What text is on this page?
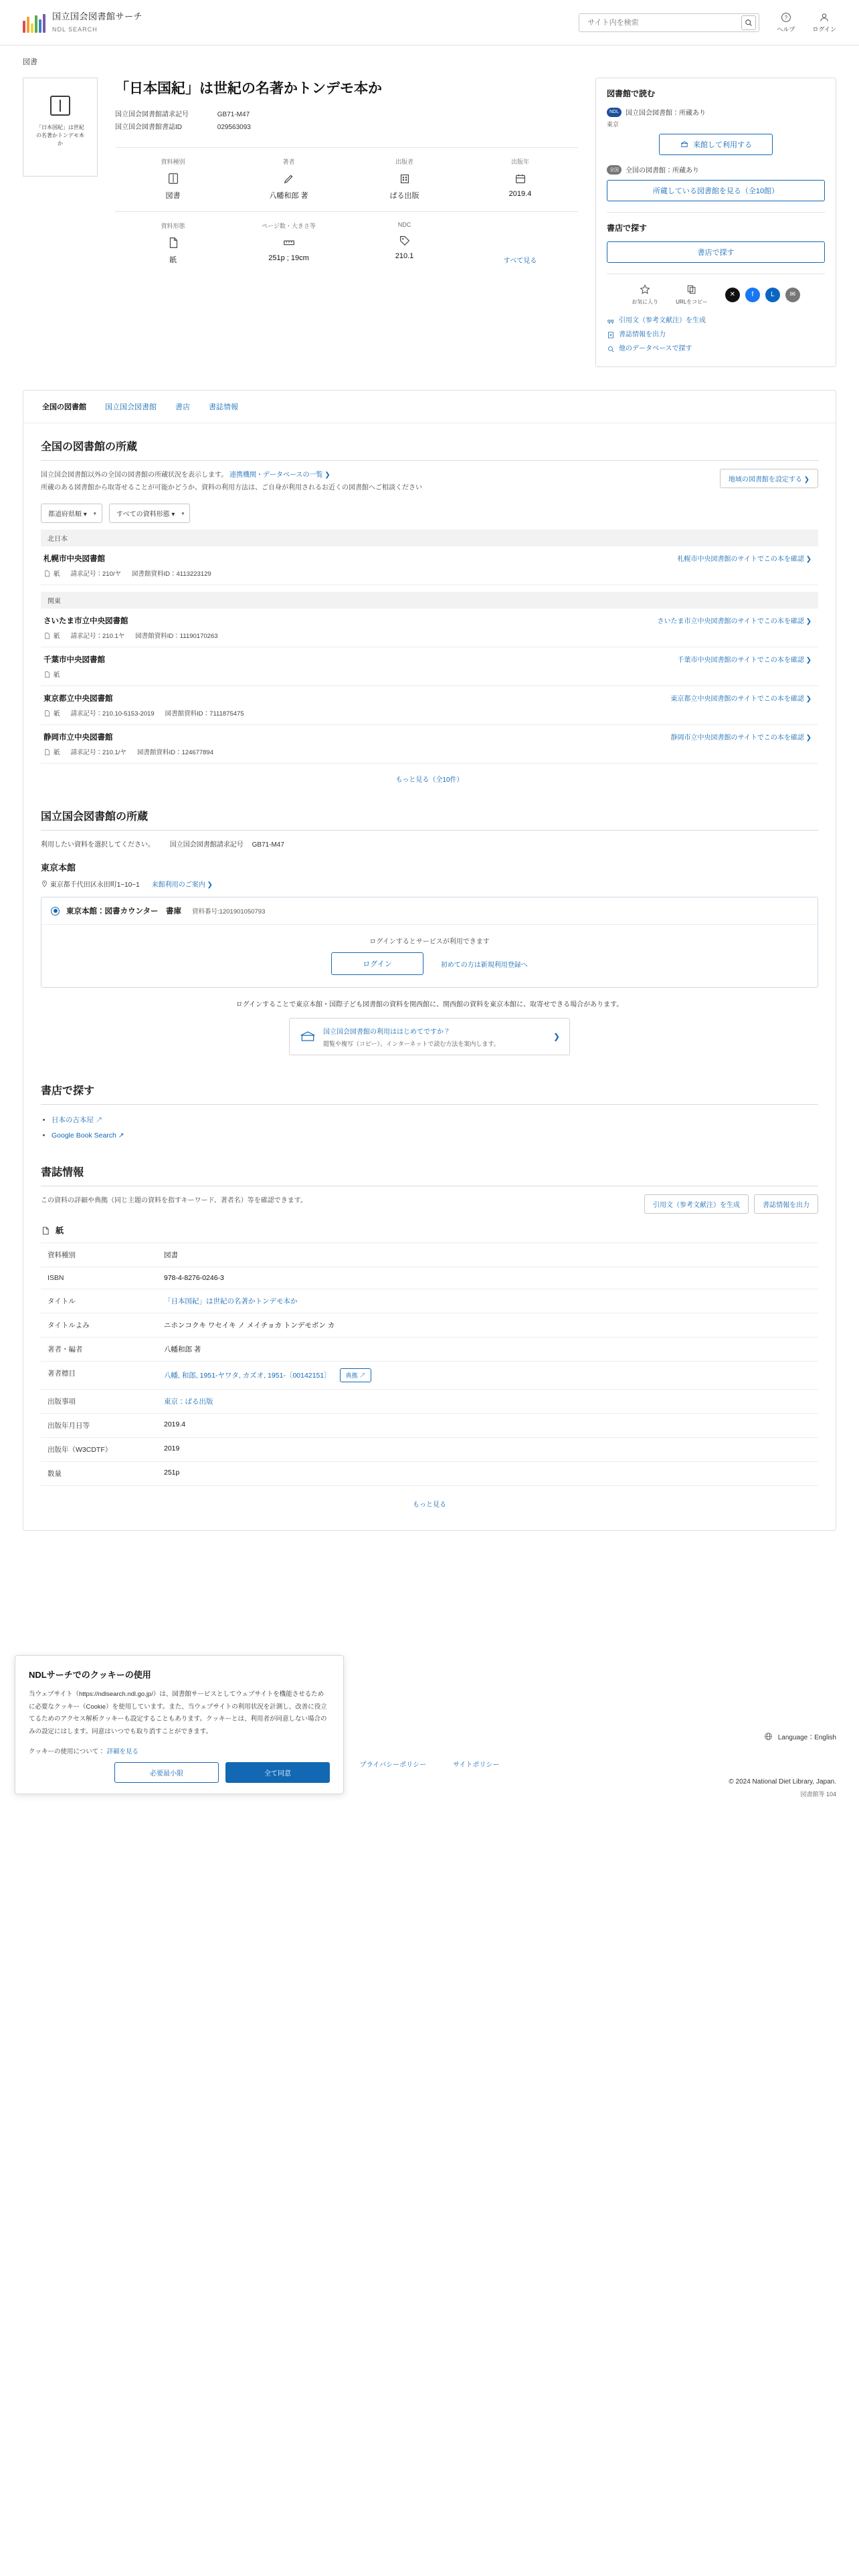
国立国会図書館サーチ
NDL SEARCH
サイト内を検索
?
ヘルプ	ログイン
図書
「日本国紀」は世紀の名著かトンデモ本か
「日本国紀」は世紀の名著かトンデモ本か
国立国会図書館請求記号	GB71-M47
国立国会図書館書誌ID	029563093
資料種別
図書
著者
八幡和郎 著
出版者
ぱる出版
出版年
2019.4
資料形態
紙
ページ数・大きさ等
251p ; 19cm
NDC
210.1
すべて見る
図書館で読む
NDL	国立国会図書館：所蔵あり
東京
来館して利用する
全国	全国の図書館：所蔵あり
所蔵している図書館を見る（全10館）
書店で探す
書店で探す
お気に入り	URLをコピー
✕	f	L	✉
引用文（参考文献注）を生成
書誌情報を出力
他のデータベースで探す
全国の図書館	国立国会図書館	書店	書誌情報
全国の図書館の所蔵
国立国会図書館以外の全国の図書館の所蔵状況を表示します。 連携機関・データベースの一覧 ❯
所蔵のある図書館から取寄せることが可能かどうか、資料の利用方法は、ご自身が利用されるお近くの図書館へご相談ください
地域の図書館を設定する ❯
都道府県順 ▾ ▾	すべての資料形態 ▾ ▾
北日本
札幌市中央図書館	札幌市中央図書館のサイトでこの本を確認 ❯
紙 請求記号：210/ヤ 図書館資料ID：4113223129
関東
さいたま市立中央図書館	さいたま市立中央図書館のサイトでこの本を確認 ❯
紙 請求記号：210.1ヤ 図書館資料ID：11190170263
千葉市中央図書館	千葉市中央図書館のサイトでこの本を確認 ❯
紙
東京都立中央図書館	東京都立中央図書館のサイトでこの本を確認 ❯
紙 請求記号：210.10-5153-2019 図書館資料ID：7111875475
静岡市立中央図書館	静岡市立中央図書館のサイトでこの本を確認 ❯
紙 請求記号：210.1/ヤ 図書館資料ID：124677894
もっと見る（全10件）
国立国会図書館の所蔵
利用したい資料を選択してください。 国立国会図書館請求記号 GB71-M47
東京本館
東京都千代田区永田町1−10−1 来館利用のご案内 ❯
東京本館：図書カウンター　書庫 資料番号:1201901050793
ログインするとサービスが利用できます
ログイン	初めての方は新規利用登録へ
ログインすることで東京本館・国際子ども図書館の資料を関西館に、関西館の資料を東京本館に、取寄せできる場合があります。
国立国会図書館の利用ははじめてですか？
閲覧や複写（コピー）、インターネットで読む方法を案内します。
❯
書店で探す
• 日本の古本屋 ↗
• Google Book Search ↗
書誌情報
この資料の詳細や典拠（同じ主題の資料を指すキーワード、著者名）等を確認できます。
引用文（参考文献注）を生成	書誌情報を出力
紙
資料種別	図書
ISBN	978-4-8276-0246-3
タイトル	「日本国紀」は世紀の名著かトンデモ本か
タイトルよみ	ニホンコクキ ワセイキ ノ メイチョカ トンデモボン カ
著者・編者	八幡和郎 著
著者標目	八幡, 和郎, 1951-ヤワタ, カズオ, 1951-〔00142151〕 典拠 ↗
出版事項	東京：ぱる出版
出版年月日等	2019.4
出版年（W3CDTF）	2019
数量	251p
もっと見る
Language：English
プライバシーポリシー	サイトポリシー
© 2024 National Diet Library, Japan.
図書館等 104
NDLサーチでのクッキーの使用

当ウェブサイト（https://ndlsearch.ndl.go.jp/）は、図書館サービスとしてウェブサイトを機能させるために必要なクッキー（Cookie）を使用しています。また、当ウェブサイトの利用状況を計測し、改善に役立てるためのアクセス解析クッキーも設定することもあります。クッキーとは、利用者が同意しない場合のみの設定にはします。同意はいつでも取り消すことができます。

クッキーの使用について： 詳細を見る
必要最小限	全て同意
